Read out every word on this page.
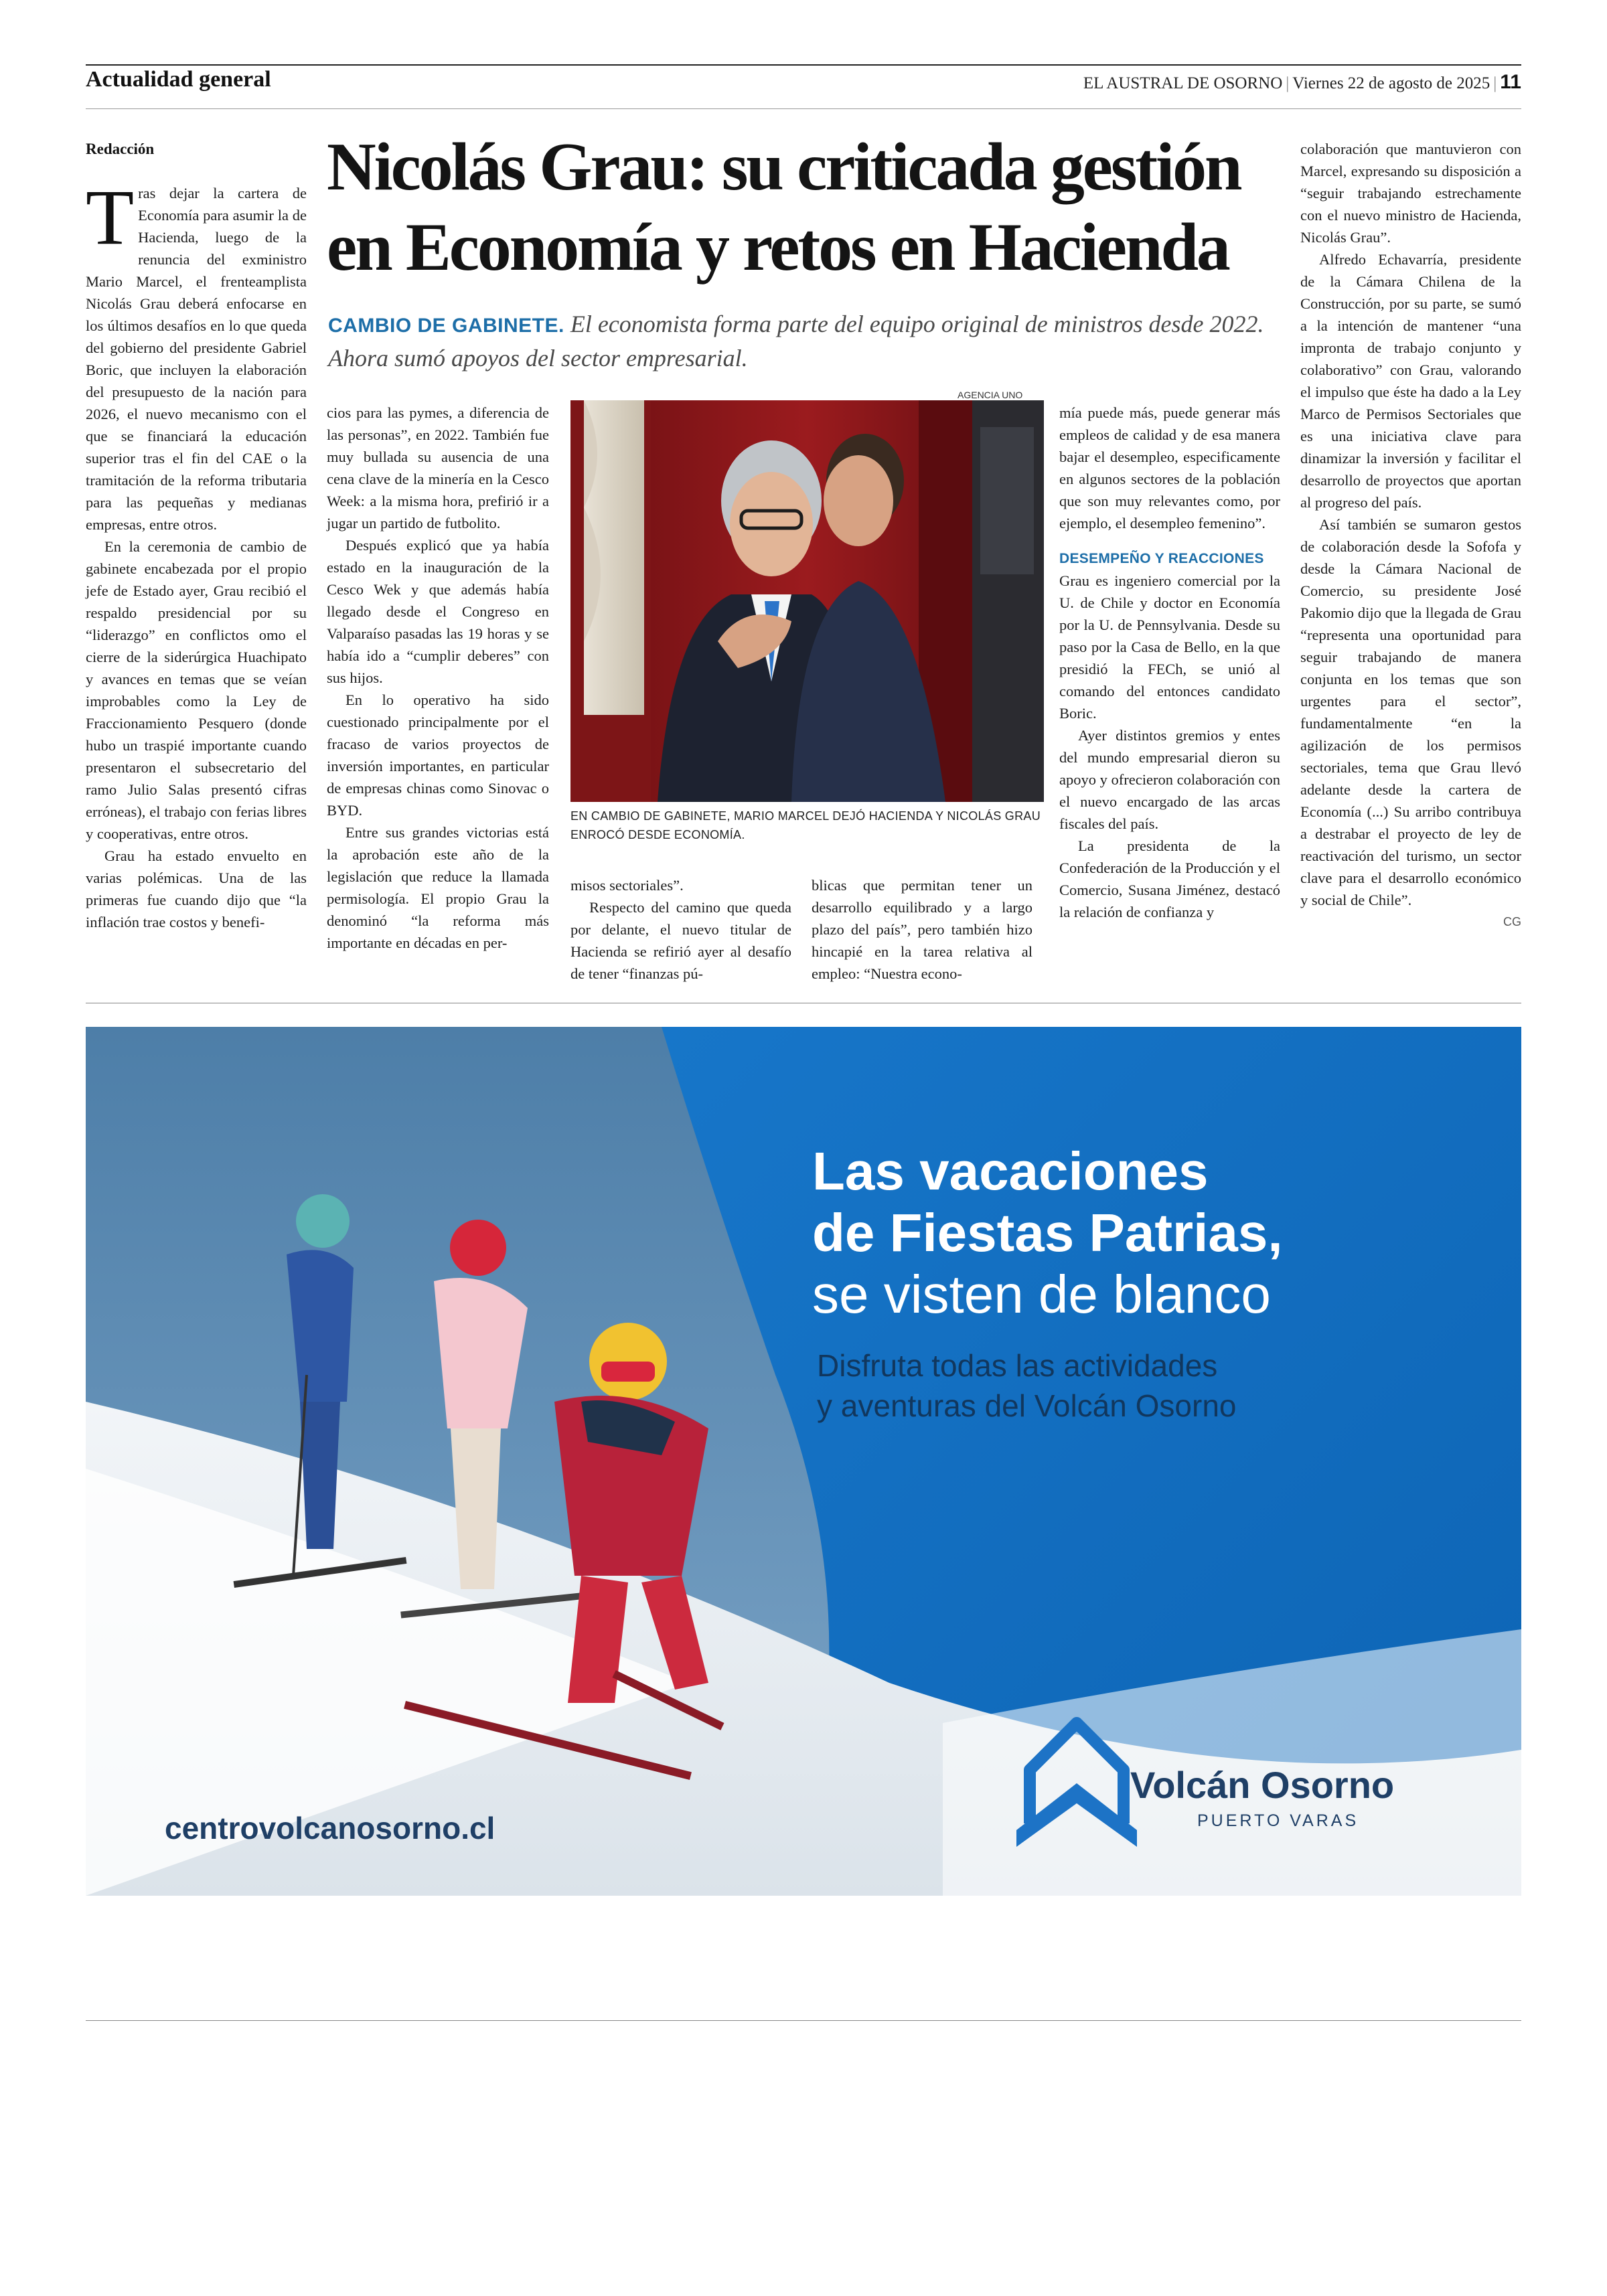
Actualidad general	EL AUSTRAL DE OSORNO | Viernes 22 de agosto de 2025 | 11
Redacción	Nicolás Grau: su criticada gestión en Economía y retos en Hacienda
CAMBIO DE GABINETE. El economista forma parte del equipo original de ministros desde 2022. Ahora sumó apoyos del sector empresarial.

Tras dejar la cartera de Economía para asumir la de Hacienda, luego de la renuncia del exministro Mario Marcel, el frenteamplista Nicolás Grau deberá enfocarse en los últimos desafíos en lo que queda del gobierno del presidente Gabriel Boric, que incluyen la elaboración del presupuesto de la nación para 2026, el nuevo mecanismo con el que se financiará la educación superior tras el fin del CAE o la tramitación de la reforma tributaria para las pequeñas y medianas empresas, entre otros.

En la ceremonia de cambio de gabinete encabezada por el propio jefe de Estado ayer, Grau recibió el respaldo presidencial por su “liderazgo” en conflictos omo el cierre de la siderúrgica Huachipato y avances en temas que se veían improbables como la Ley de Fraccionamiento Pesquero (donde hubo un traspié importante cuando presentaron el subsecretario del ramo Julio Salas presentó cifras erróneas), el trabajo con ferias libres y cooperativas, entre otros.

Grau ha estado envuelto en varias polémicas. Una de las primeras fue cuando dijo que “la inflación trae costos y benefi-

cios para las pymes, a diferencia de las personas”, en 2022. También fue muy bullada su ausencia de una cena clave de la minería en la Cesco Week: a la misma hora, prefirió ir a jugar un partido de futbolito.

Después explicó que ya había estado en la inauguración de la Cesco Wek y que además había llegado desde el Congreso en Valparaíso pasadas las 19 horas y se había ido a “cumplir deberes” con sus hijos.

En lo operativo ha sido cuestionado principalmente por el fracaso de varios proyectos de inversión importantes, en particular de empresas chinas como Sinovac o BYD.

Entre sus grandes victorias está la aprobación este año de la legislación que reduce la llamada permisología. El propio Grau la denominó “la reforma más importante en décadas en per-

AGENCIA UNO
EN CAMBIO DE GABINETE, MARIO MARCEL DEJÓ HACIENDA Y NICOLÁS GRAU ENROCÓ DESDE ECONOMÍA.

misos sectoriales”.

Respecto del camino que queda por delante, el nuevo titular de Hacienda se refirió ayer al desafío de tener “finanzas pú-

blicas que permitan tener un desarrollo equilibrado y a largo plazo del país”, pero también hizo hincapié en la tarea relativa al empleo: “Nuestra econo-

mía puede más, puede generar más empleos de calidad y de esa manera bajar el desempleo, especificamente en algunos sectores de la población que son muy relevantes como, por ejemplo, el desempleo femenino”.

DESEMPEÑO Y REACCIONES

Grau es ingeniero comercial por la U. de Chile y doctor en Economía por la U. de Pennsylvania. Desde su paso por la Casa de Bello, en la que presidió la FECh, se unió al comando del entonces candidato Boric.

Ayer distintos gremios y entes del mundo empresarial dieron su apoyo y ofrecieron colaboración con el nuevo encargado de las arcas fiscales del país.

La presidenta de la Confederación de la Producción y el Comercio, Susana Jiménez, destacó la relación de confianza y

colaboración que mantuvieron con Marcel, expresando su disposición a “seguir trabajando estrechamente con el nuevo ministro de Hacienda, Nicolás Grau”.

Alfredo Echavarría, presidente de la Cámara Chilena de la Construcción, por su parte, se sumó a la intención de mantener “una impronta de trabajo conjunto y colaborativo” con Grau, valorando el impulso que éste ha dado a la Ley Marco de Permisos Sectoriales que es una iniciativa clave para dinamizar la inversión y facilitar el desarrollo de proyectos que aportan al progreso del país.

Así también se sumaron gestos de colaboración desde la Sofofa y desde la Cámara Nacional de Comercio, su presidente José Pakomio dijo que la llegada de Grau “representa una oportunidad para seguir trabajando de manera conjunta en los temas que son urgentes para el sector”, fundamentalmente “en la agilización de los permisos sectoriales, tema que Grau llevó adelante desde la cartera de Economía (...) Su arribo contribuya a destrabar el proyecto de ley de reactivación del turismo, un sector clave para el desarrollo económico y social de Chile”.

CG

Las vacaciones
de Fiestas Patrias,
se visten de blanco
Disfruta todas las actividades
y aventuras del Volcán Osorno
centrovolcanosorno.cl
Volcán Osorno
PUERTO VARAS
